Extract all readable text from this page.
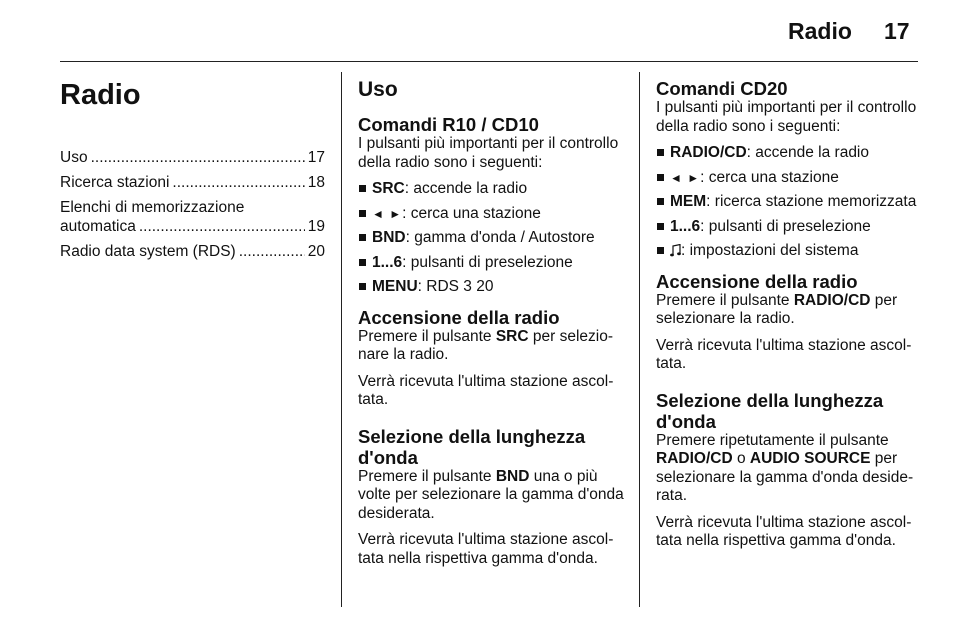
Radio 17
Radio
Uso .....	17
Ricerca stazioni .....	18
Elenchi di memorizzazione
automatica .....	19
Radio data system (RDS) .....	20
Uso
Comandi R10 / CD10

I pulsanti più importanti per il controllo della radio sono i seguenti:

SRC: accende la radio
◄ ►: cerca una stazione
BND: gamma d'onda / Autostore
1...6: pulsanti di preselezione
MENU: RDS 3 20
Accensione della radio

Premere il pulsante SRC per selezionare la radio.

Verrà ricevuta l'ultima stazione ascoltata.

Selezione della lunghezza d'onda

Premere il pulsante BND una o più volte per selezionare la gamma d'onda desiderata.

Verrà ricevuta l'ultima stazione ascoltata nella rispettiva gamma d'onda.

Comandi CD20

I pulsanti più importanti per il controllo della radio sono i seguenti:

RADIO/CD: accende la radio
◄ ►: cerca una stazione
MEM: ricerca stazione memorizzata
1...6: pulsanti di preselezione
: impostazioni del sistema
Accensione della radio

Premere il pulsante RADIO/CD per selezionare la radio.

Verrà ricevuta l'ultima stazione ascoltata.

Selezione della lunghezza d'onda

Premere ripetutamente il pulsante RADIO/CD o AUDIO SOURCE per selezionare la gamma d'onda desiderata.

Verrà ricevuta l'ultima stazione ascoltata nella rispettiva gamma d'onda.
